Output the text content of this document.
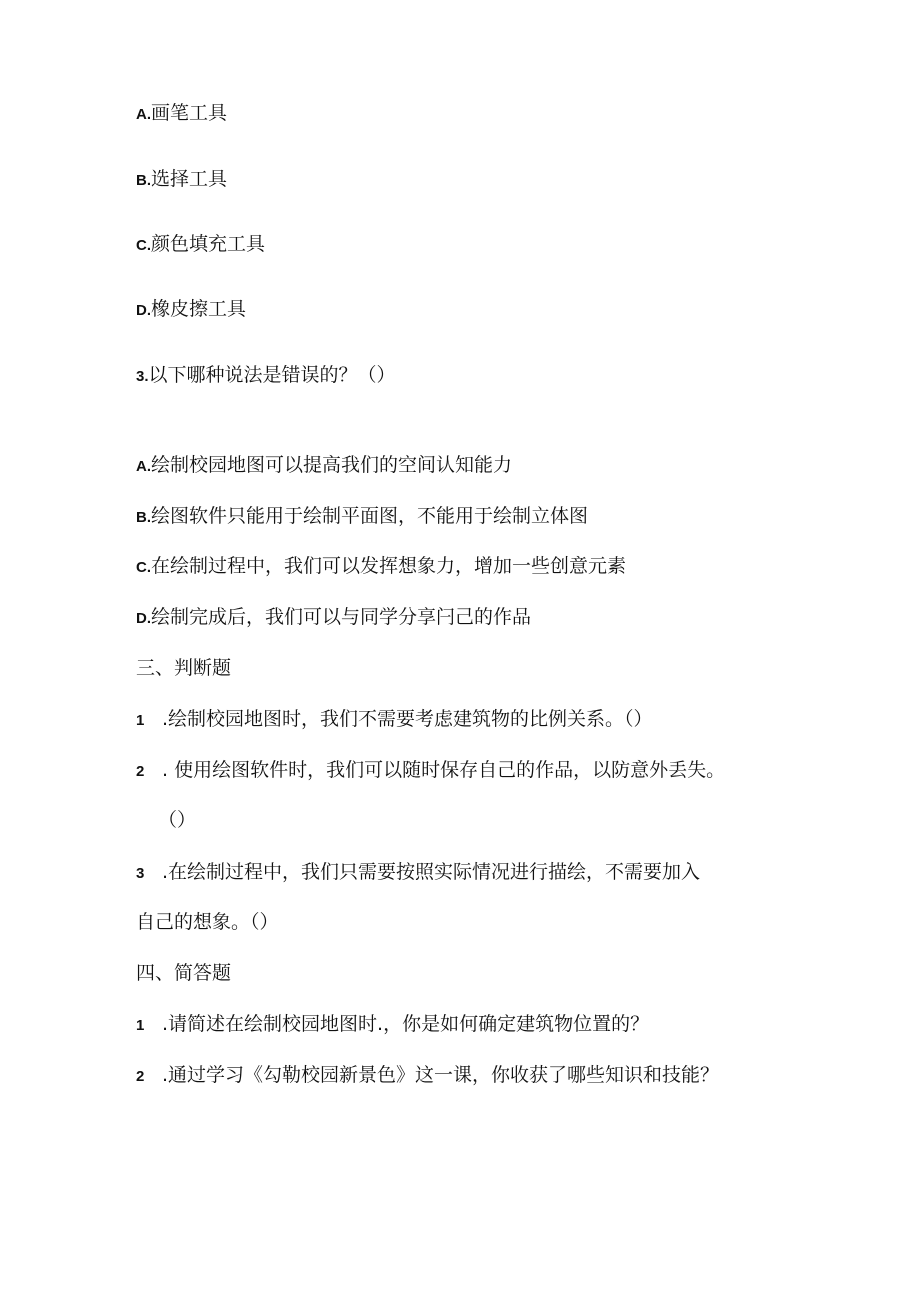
A.画笔工具
B.选择工具
C.颜色填充工具
D.橡皮擦工具
3.以下哪种说法是错误的？（）
A.绘制校园地图可以提高我们的空间认知能力
B.绘图软件只能用于绘制平面图，不能用于绘制立体图
C.在绘制过程中，我们可以发挥想象力，增加一些创意元素
D.绘制完成后，我们可以与同学分享闩己的作品
三、判断题
1 .绘制校园地图时，我们不需要考虑建筑物的比例关系。（）
2 . 使用绘图软件时，我们可以随时保存自己的作品，以防意外丢失。
（）
3 .在绘制过程中，我们只需要按照实际情况进行描绘，不需要加入
自己的想象。（）
四、简答题
1 .请简述在绘制校园地图时.，你是如何确定建筑物位置的？
2 .通过学习《勾勒校园新景色》这一课，你收获了哪些知识和技能？
